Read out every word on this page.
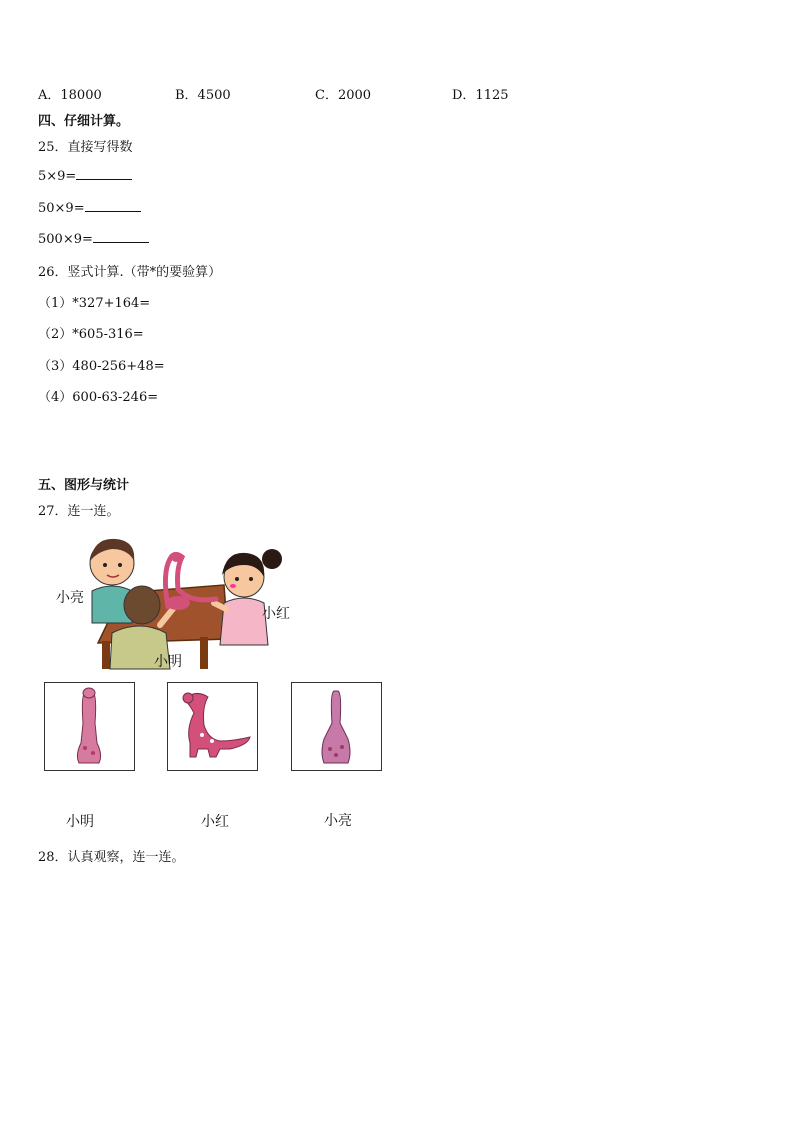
A．18000	B．4500	C．2000	D．1125
四、仔细计算。
25．直接写得数
5×9=
50×9=
500×9=
26．竖式计算.（带*的要验算）
（1）*327+164=
（2）*605-316=
（3）480-256+48=
（4）600-63-246=
五、图形与统计
27．连一连。
小亮
小红
小明
小明	小红	小亮
28．认真观察，连一连。
